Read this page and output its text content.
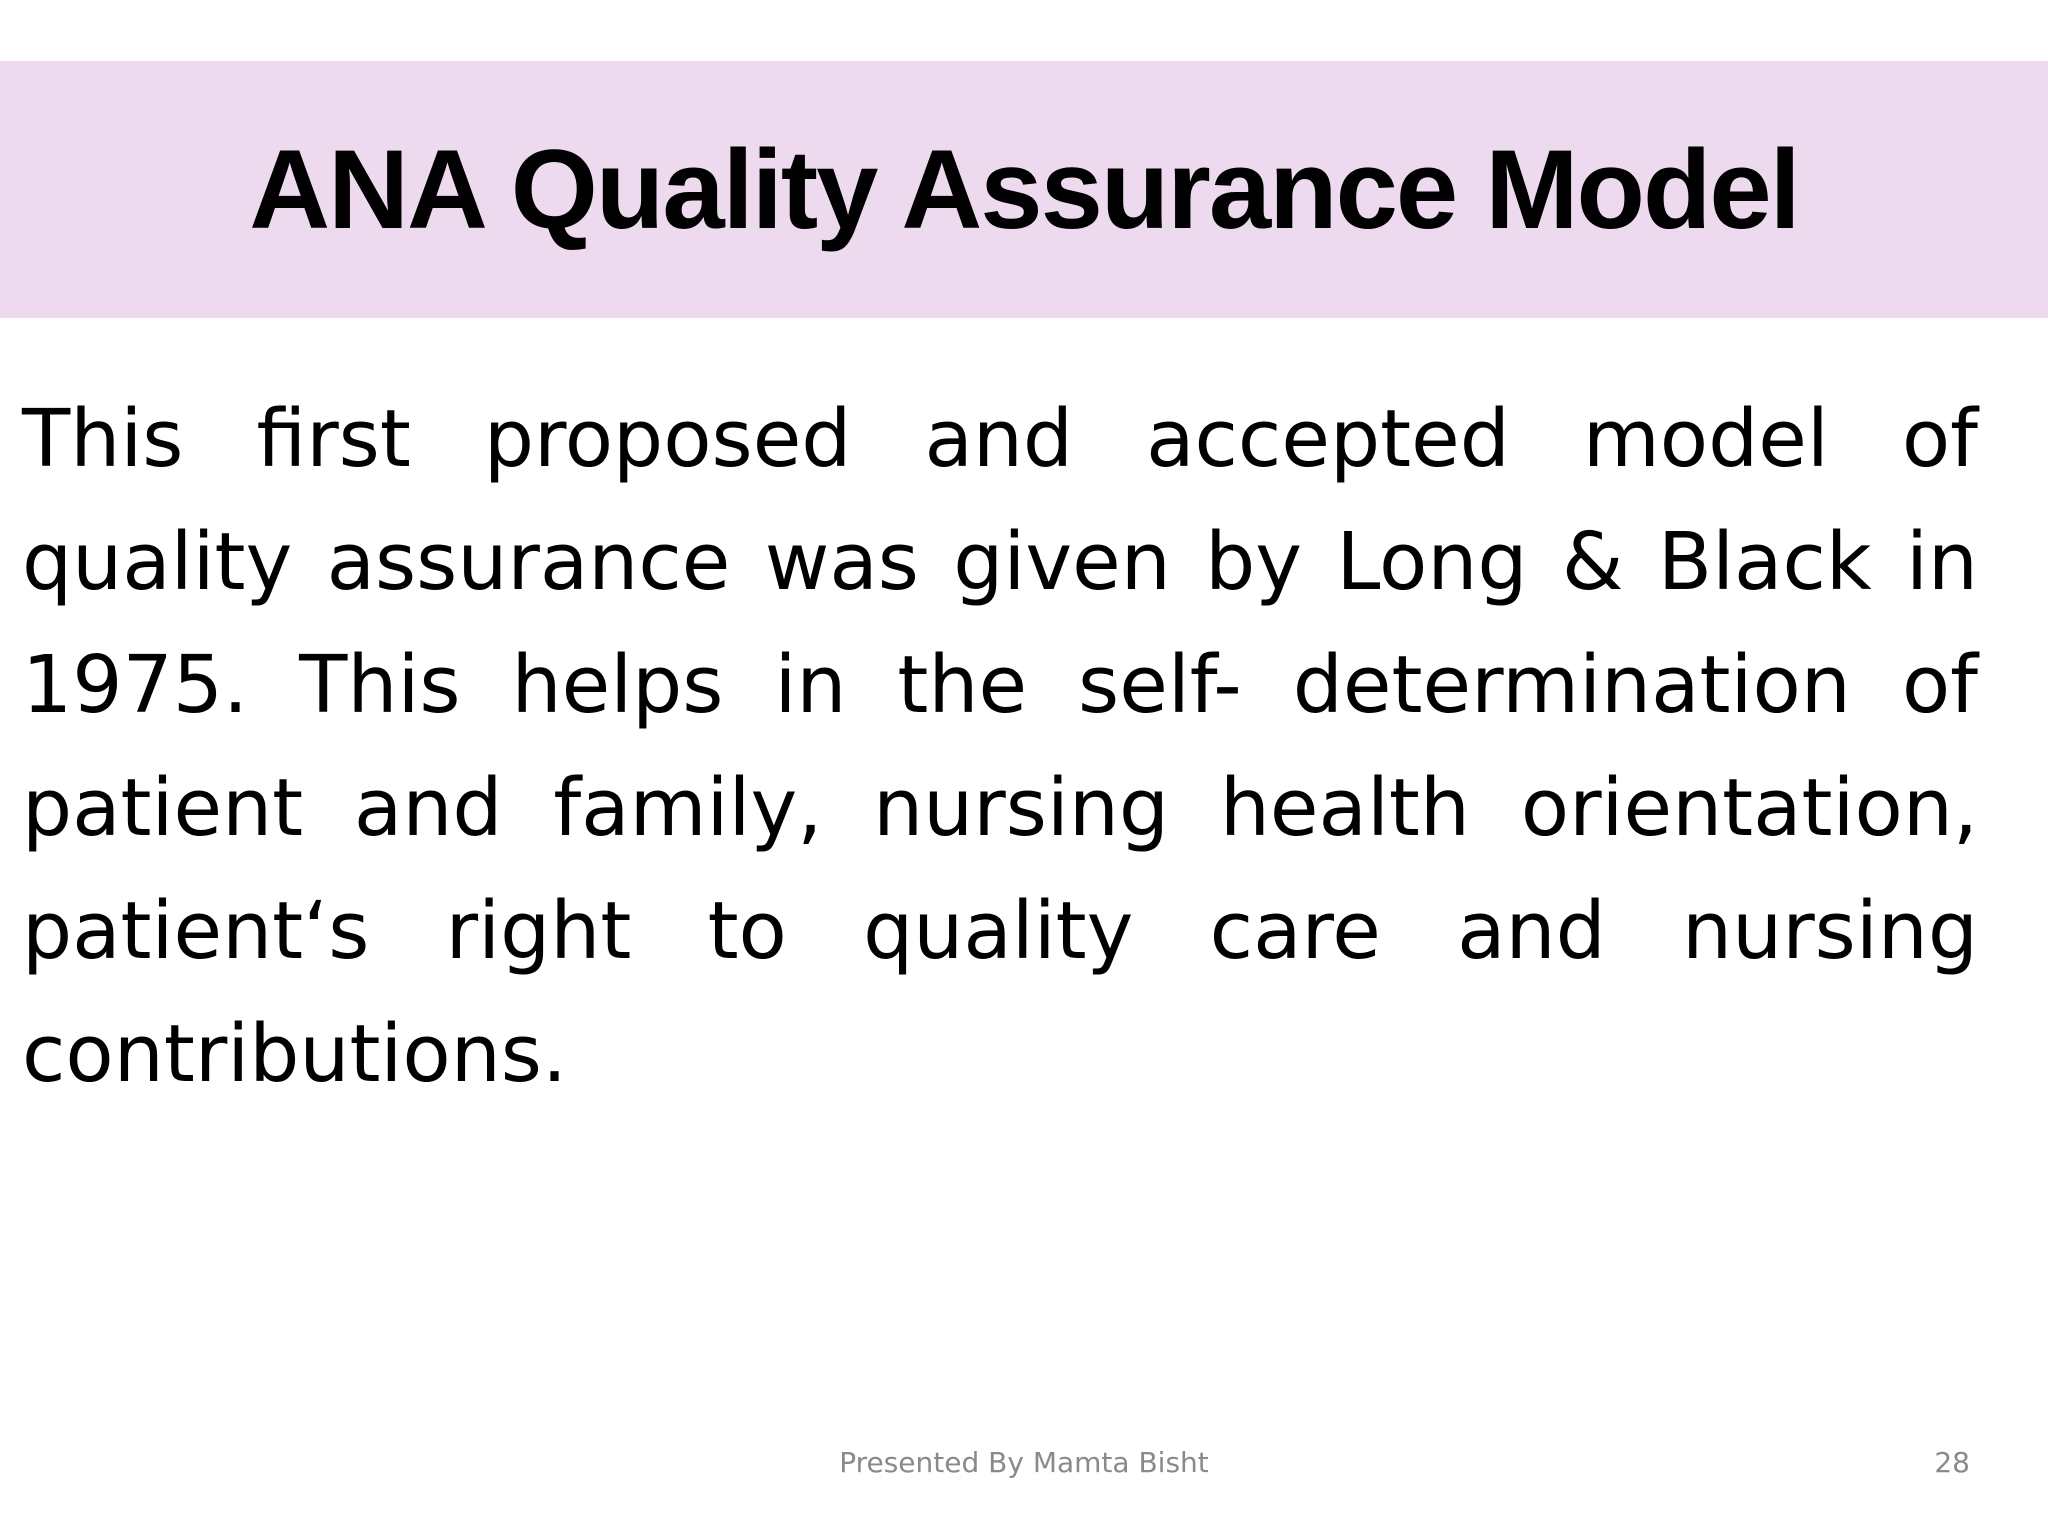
ANA Quality Assurance Model

This first proposed and accepted model of quality assurance was given by Long & Black in 1975. This helps in the self- determination of patient and family, nursing health orientation, patient‘s right to quality care and nursing contributions.

Presented By Mamta Bisht	28
